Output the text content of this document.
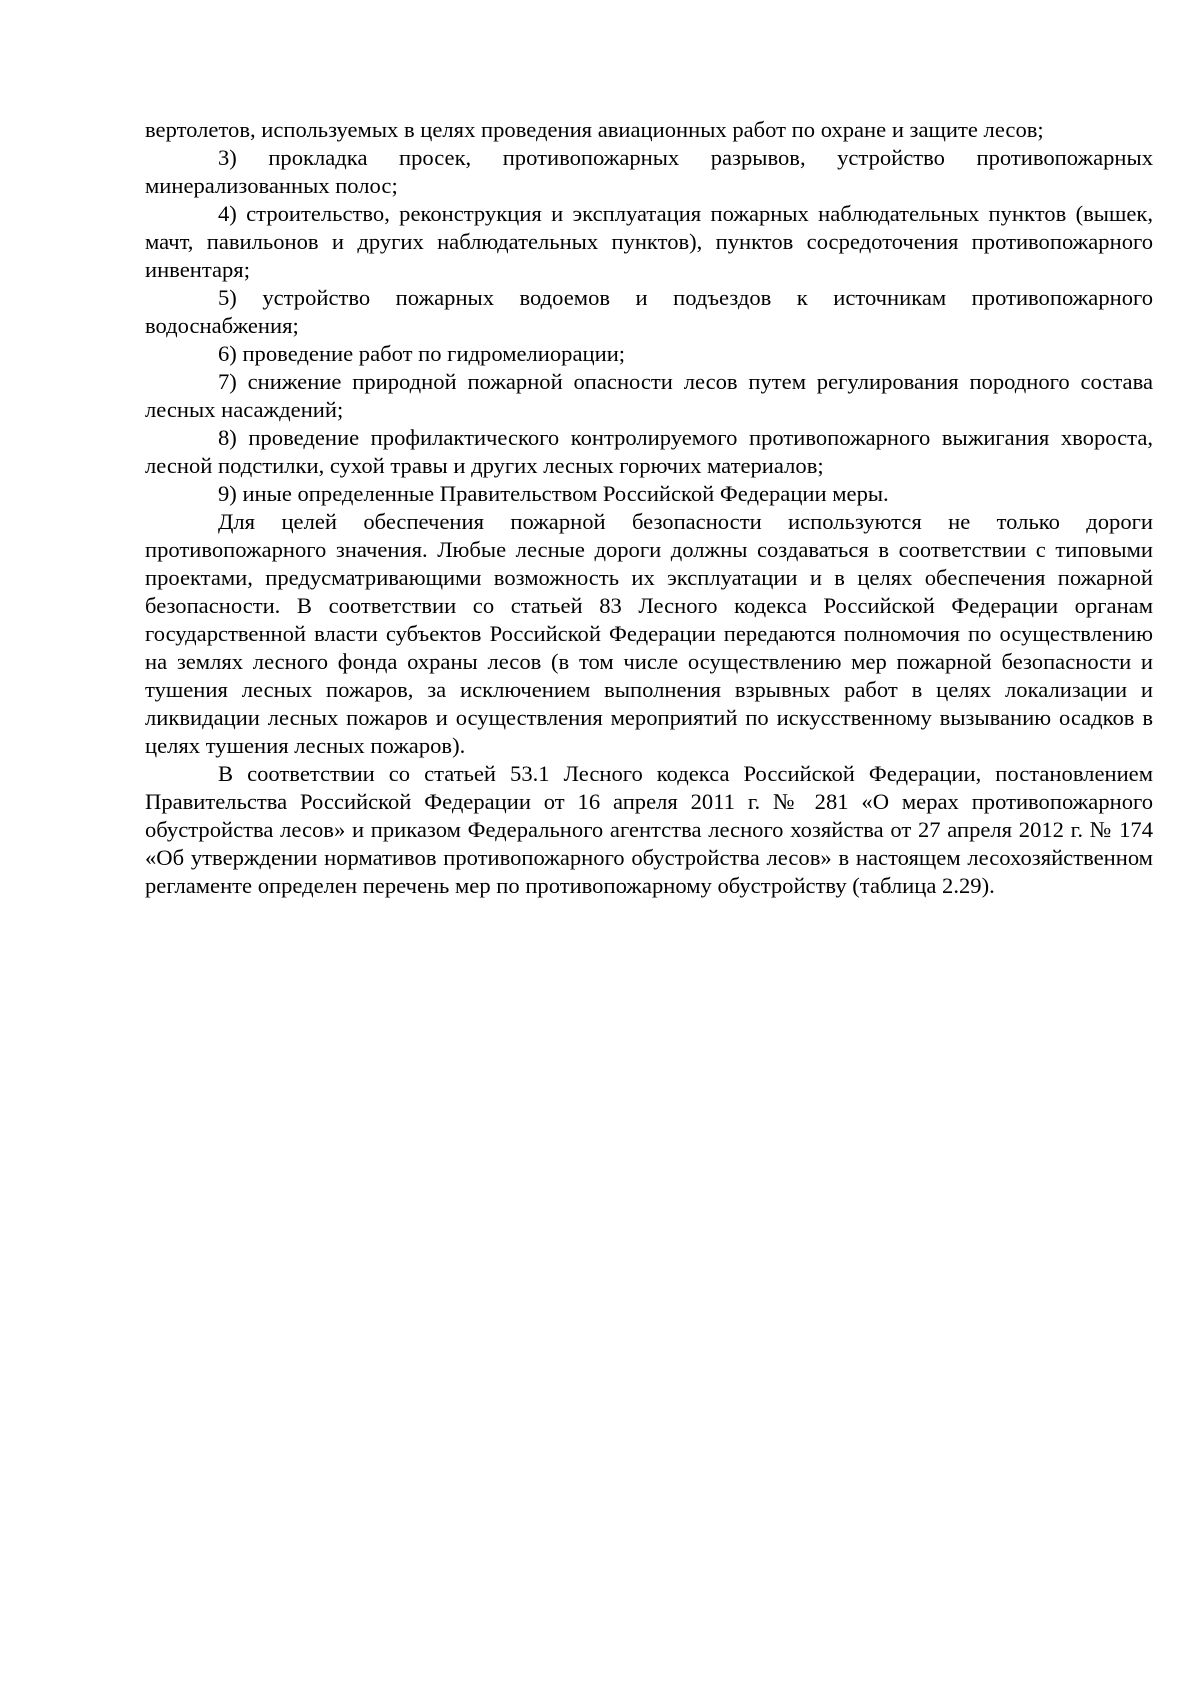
вертолетов, используемых в целях проведения авиационных работ по охране и защите лесов;

3) прокладка просек, противопожарных разрывов, устройство противопожарных минерализованных полос;

4) строительство, реконструкция и эксплуатация пожарных наблюдательных пунктов (вышек, мачт, павильонов и других наблюдательных пунктов), пунктов сосредоточения противопожарного инвентаря;

5) устройство пожарных водоемов и подъездов к источникам противопожарного водоснабжения;

6) проведение работ по гидромелиорации;

7) снижение природной пожарной опасности лесов путем регулирования породного состава лесных насаждений;

8) проведение профилактического контролируемого противопожарного выжигания хвороста, лесной подстилки, сухой травы и других лесных горючих материалов;

9) иные определенные Правительством Российской Федерации меры.

Для целей обеспечения пожарной безопасности используются не только дороги противопожарного значения. Любые лесные дороги должны создаваться в соответствии с типовыми проектами, предусматривающими возможность их эксплуатации и в целях обеспечения пожарной безопасности. В соответствии со статьей 83 Лесного кодекса Российской Федерации органам государственной власти субъектов Российской Федерации передаются полномочия по осуществлению на землях лесного фонда охраны лесов (в том числе осуществлению мер пожарной безопасности и тушения лесных пожаров, за исключением выполнения взрывных работ в целях локализации и ликвидации лесных пожаров и осуществления мероприятий по искусственному вызыванию осадков в целях тушения лесных пожаров).

В соответствии со статьей 53.1 Лесного кодекса Российской Федерации, постановлением Правительства Российской Федерации от 16 апреля 2011 г. № 281 «О мерах противопожарного обустройства лесов» и приказом Федерального агентства лесного хозяйства от 27 апреля 2012 г. № 174 «Об утверждении нормативов противопожарного обустройства лесов» в настоящем лесохозяйственном регламенте определен перечень мер по противопожарному обустройству (таблица 2.29).
